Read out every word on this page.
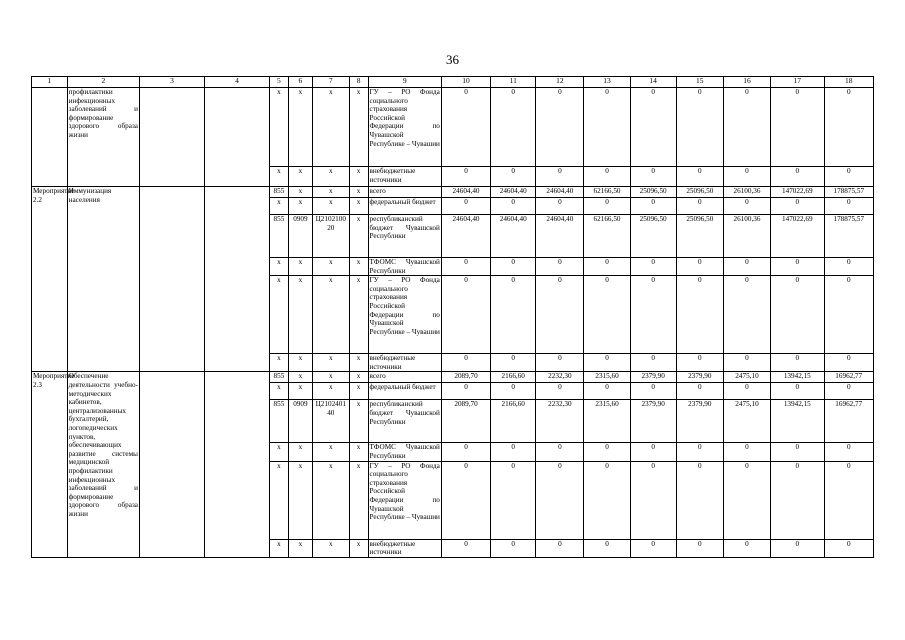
36
1	2	3	4	5	6	7	8	9	10	11	12	13	14	15	16	17	18
	профилактики инфекционных заболеваний и формирование здорового образа жизни			x	x	x	x	ГУ – РО Фонда социального страхования Российской Федерации по Чувашской Республике – Чувашии	0	0	0	0	0	0	0	0	0
				x	x	x	x	внебюджетные источники	0	0	0	0	0	0	0	0	0
Мероприятие 2.2	Иммунизация населения			855	x	x	x	всего	24604,40	24604,40	24604,40	62166,50	25096,50	25096,50	26100,36	147022,69	178875,57
				x	x	x	x	федеральный бюджет	0	0	0	0	0	0	0	0	0
				855	0909	Ц2102100 20	x	республиканский бюджет Чувашской Республики	24604,40	24604,40	24604,40	62166,50	25096,50	25096,50	26100,36	147022,69	178875,57
				x	x	x	x	ТФОМС Чувашской Республики	0	0	0	0	0	0	0	0	0
				x	x	x	x	ГУ – РО Фонда социального страхования Российской Федерации по Чувашской Республике – Чувашии	0	0	0	0	0	0	0	0	0
				x	x	x	x	внебюджетные источники	0	0	0	0	0	0	0	0	0
Мероприятие 2.3	Обеспечение деятельности учебно-методических кабинетов, централизованных бухгалтерий, логопедических пунктов, обеспечивающих развитие системы медицинской профилактики инфекционных заболеваний и формирование здорового образа жизни			855	x	x	x	всего	2089,70	2166,60	2232,30	2315,60	2379,90	2379,90	2475,10	13942,15	16962,77
				x	x	x	x	федеральный бюджет	0	0	0	0	0	0	0	0	0
				855	0909	Ц2102401 40	x	республиканский бюджет Чувашской Республики	2089,70	2166,60	2232,30	2315,60	2379,90	2379,90	2475,10	13942,15	16962,77
				x	x	x	x	ТФОМС Чувашской Республики	0	0	0	0	0	0	0	0	0
				x	x	x	x	ГУ – РО Фонда социального страхования Российской Федерации по Чувашской Республике – Чувашии	0	0	0	0	0	0	0	0	0
				x	x	x	x	внебюджетные источники	0	0	0	0	0	0	0	0	0
